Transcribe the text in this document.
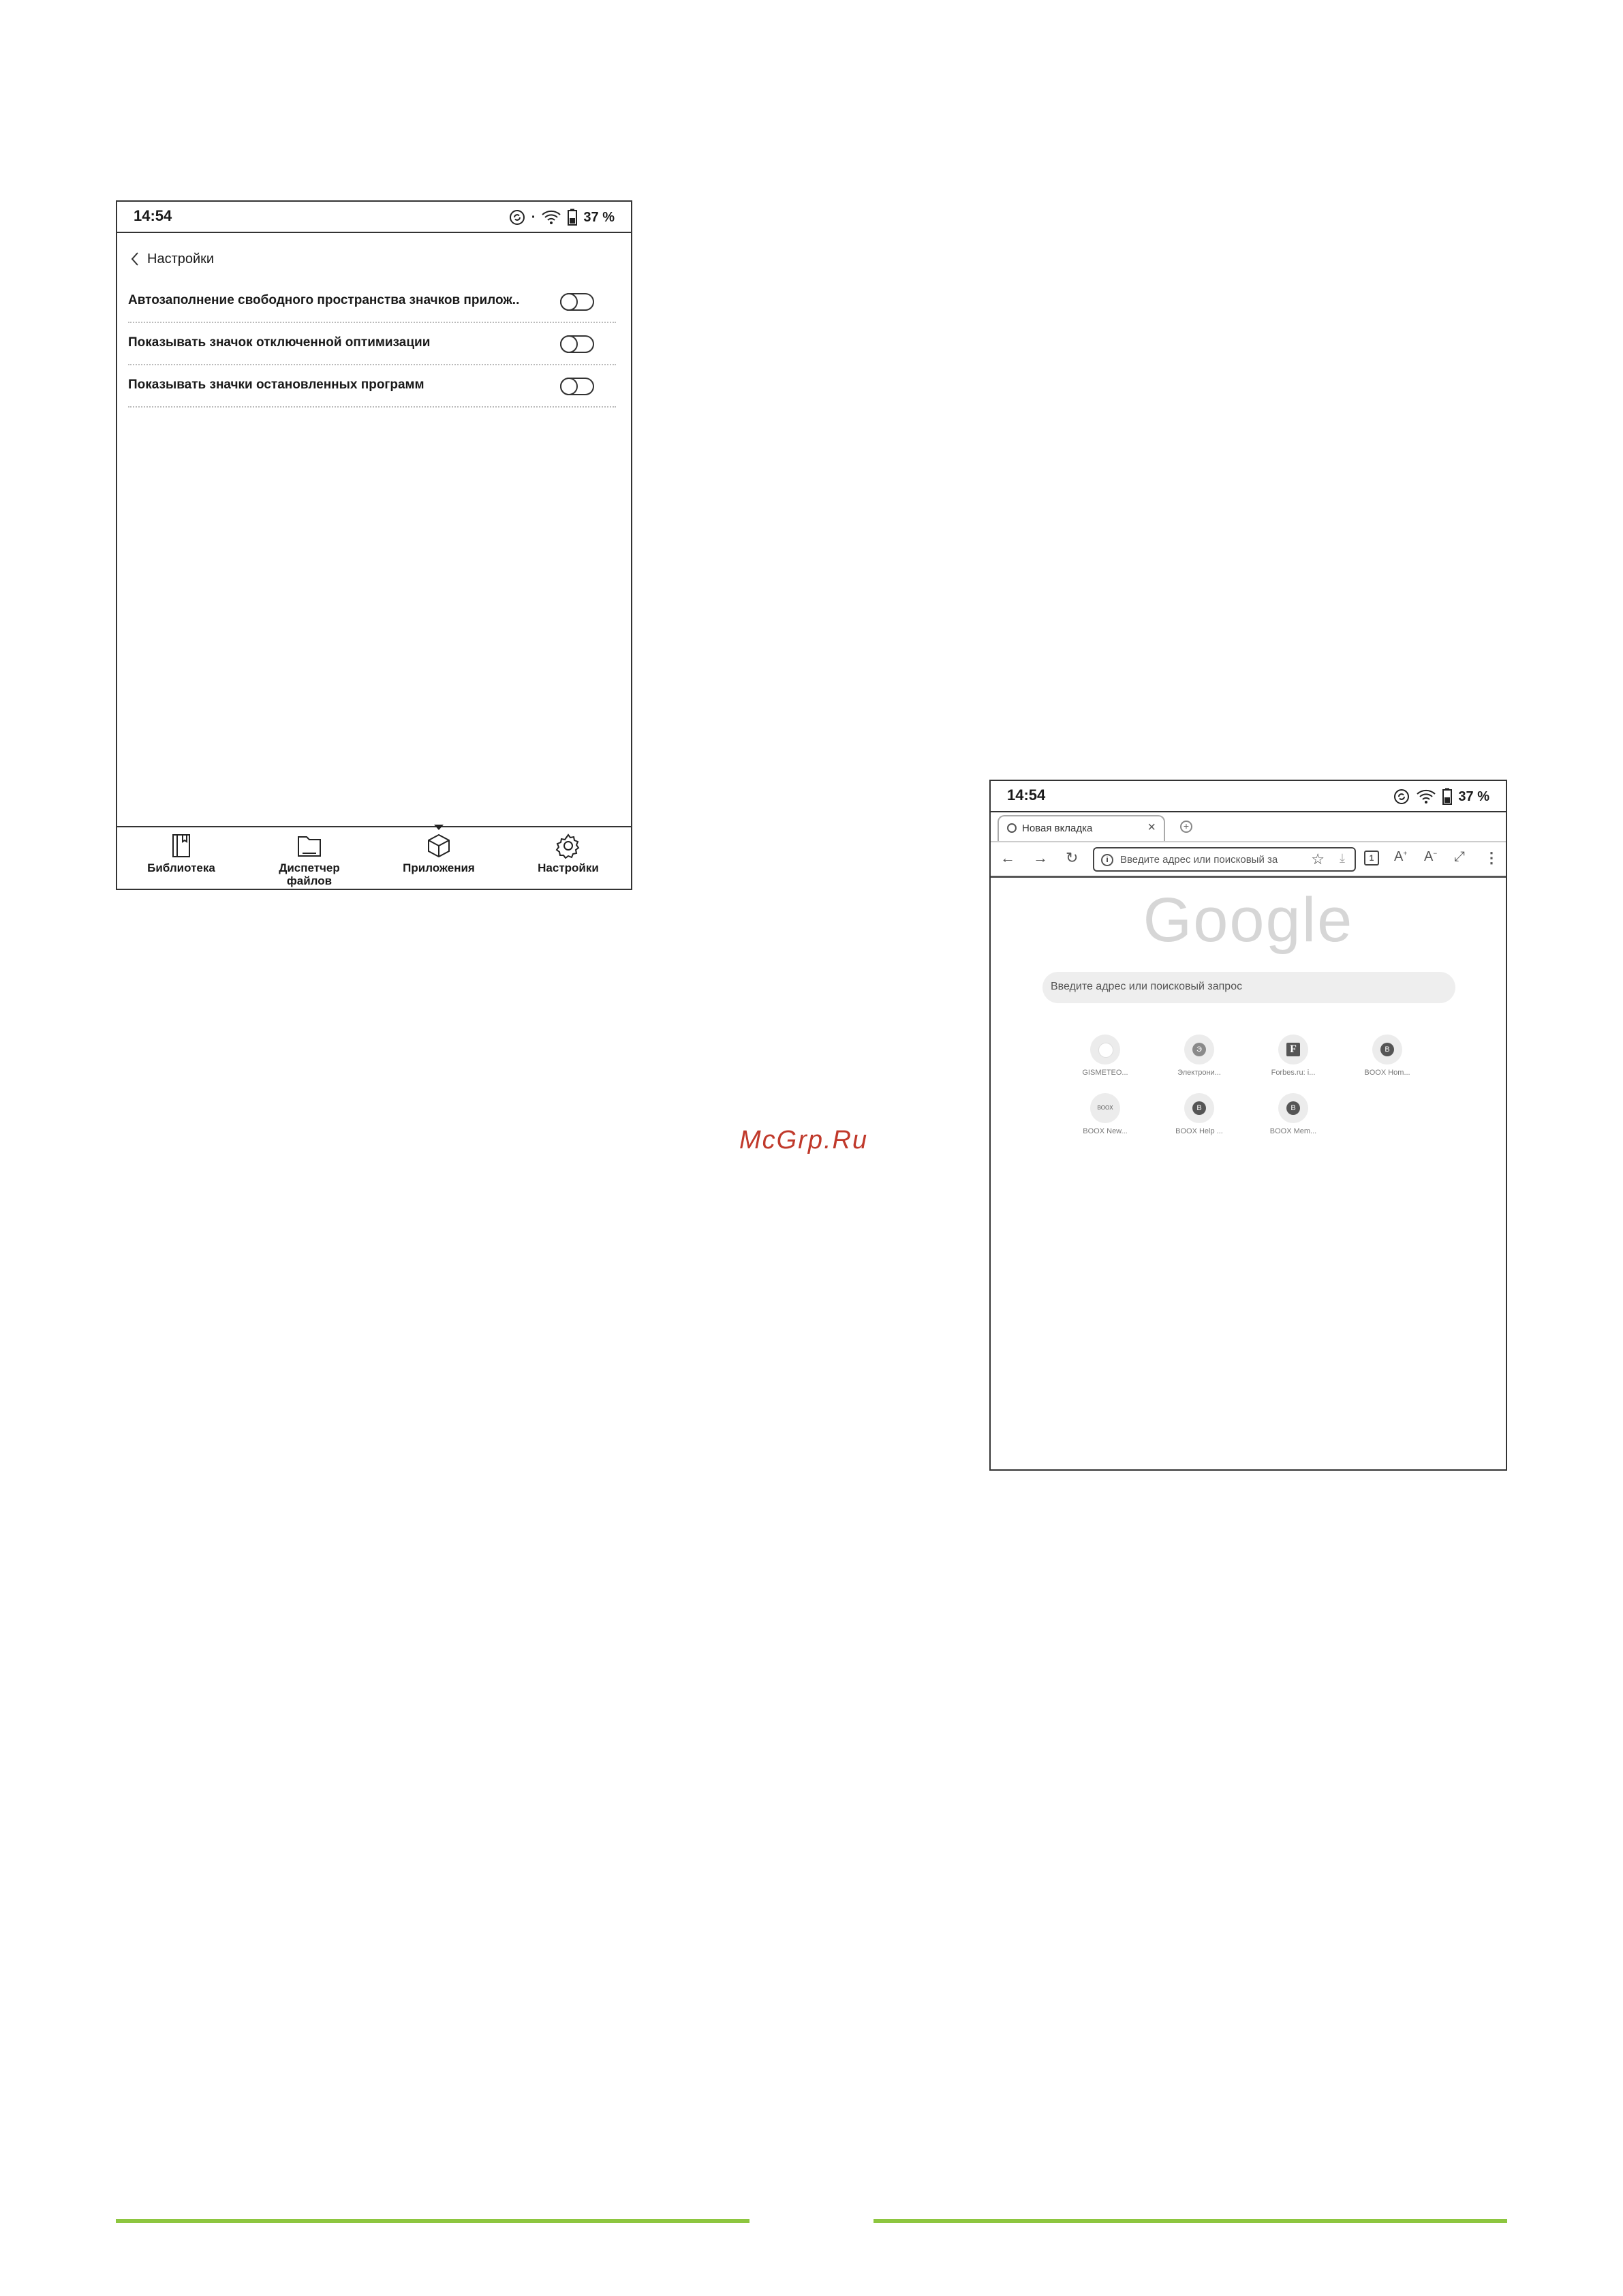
14:54	·	37 %
Настройки
Автозаполнение свободного пространства значков прилож..
Показывать значок отключенной оптимизации
Показывать значки остановленных программ
Библиотека	Диспетчер файлов
Приложения	Настройки
14:54	37 %
Новая вкладка	×	+
← → ↻	i	Введите адрес или поисковый за	☆ ⤓	1	A+ A− ⤢ ⋮
Google
Введите адрес или поисковый запрос
GISMETEO...
Э
Электрони...
F
Forbes.ru: i...
B
BOOX Hom...
BOOX
BOOX New...
B
BOOX Help ...
B
BOOX Mem...
McGrp.Ru
